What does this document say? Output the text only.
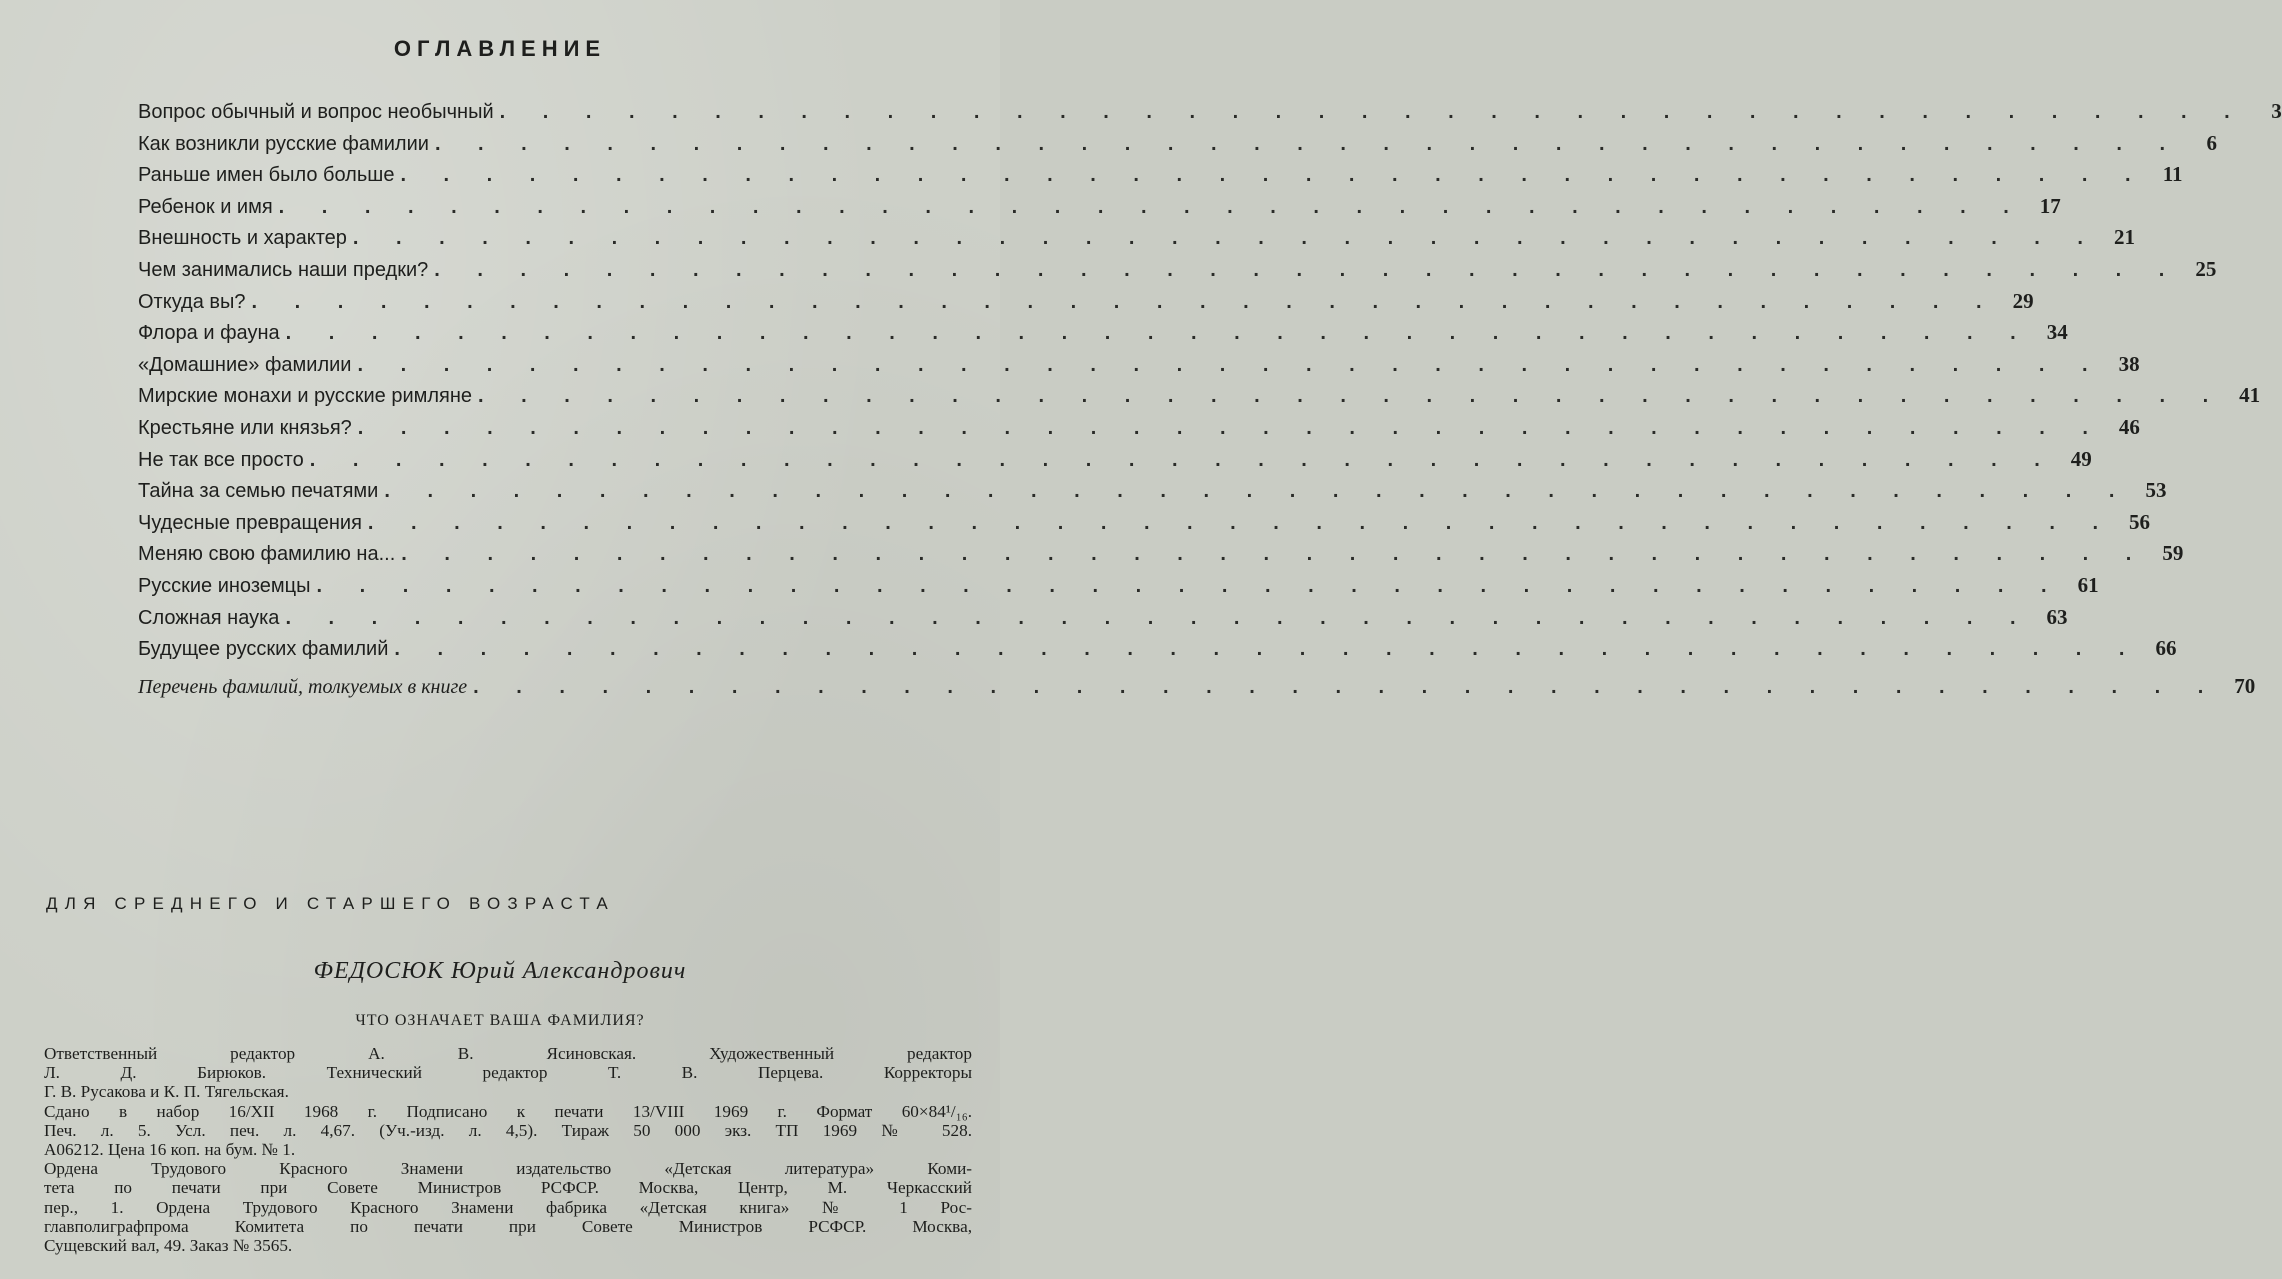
ОГЛАВЛЕНИЕ
Вопрос обычный и вопрос необычный . . . . . . . . . . . . . . . . . . . . . . . . . . . . . . . . . . . . . . . . .	3
Как возникли русские фамилии . . . . . . . . . . . . . . . . . . . . . . . . . . . . . . . . . . . . . . . . .	6
Раньше имен было больше . . . . . . . . . . . . . . . . . . . . . . . . . . . . . . . . . . . . . . . . . 11
Ребенок и имя . . . . . . . . . . . . . . . . . . . . . . . . . . . . . . . . . . . . . . . . . 17
Внешность и характер . . . . . . . . . . . . . . . . . . . . . . . . . . . . . . . . . . . . . . . . . 21
Чем занимались наши предки? . . . . . . . . . . . . . . . . . . . . . . . . . . . . . . . . . . . . . . . . . 25
Откуда вы? . . . . . . . . . . . . . . . . . . . . . . . . . . . . . . . . . . . . . . . . . 29
Флора и фауна . . . . . . . . . . . . . . . . . . . . . . . . . . . . . . . . . . . . . . . . . 34
«Домашние» фамилии . . . . . . . . . . . . . . . . . . . . . . . . . . . . . . . . . . . . . . . . . 38
Мирские монахи и русские римляне . . . . . . . . . . . . . . . . . . . . . . . . . . . . . . . . . . . . . . . . . 41
Крестьяне или князья? . . . . . . . . . . . . . . . . . . . . . . . . . . . . . . . . . . . . . . . . . 46
Не так все просто . . . . . . . . . . . . . . . . . . . . . . . . . . . . . . . . . . . . . . . . . 49
Тайна за семью печатями . . . . . . . . . . . . . . . . . . . . . . . . . . . . . . . . . . . . . . . . . 53
Чудесные превращения . . . . . . . . . . . . . . . . . . . . . . . . . . . . . . . . . . . . . . . . . 56
Меняю свою фамилию на... . . . . . . . . . . . . . . . . . . . . . . . . . . . . . . . . . . . . . . . . . 59
Русские иноземцы . . . . . . . . . . . . . . . . . . . . . . . . . . . . . . . . . . . . . . . . . 61
Сложная наука . . . . . . . . . . . . . . . . . . . . . . . . . . . . . . . . . . . . . . . . . 63
Будущее русских фамилий . . . . . . . . . . . . . . . . . . . . . . . . . . . . . . . . . . . . . . . . . 66
Перечень фамилий, толкуемых в книге . . . . . . . . . . . . . . . . . . . . . . . . . . . . . . . . . . . . . . . . . 70
ДЛЯ СРЕДНЕГО И СТАРШЕГО ВОЗРАСТА
ФЕДОСЮК Юрий Александрович
ЧТО ОЗНАЧАЕТ ВАША ФАМИЛИЯ?
Ответственный редактор А. В. Ясиновская. Художественный редактор
Л. Д. Бирюков. Технический редактор Т. В. Перцева. Корректоры
Г. В. Русакова и К. П. Тягельская.
Сдано в набор 16/XII 1968 г. Подписано к печати 13/VIII 1969 г. Формат 60×84¹/₁₆.
Печ. л. 5. Усл. печ. л. 4,67. (Уч.-изд. л. 4,5). Тираж 50 000 экз. ТП 1969 № 528.
А06212. Цена 16 коп. на бум. № 1.
Ордена Трудового Красного Знамени издательство «Детская литература» Коми-
тета по печати при Совете Министров РСФСР. Москва, Центр, М. Черкасский
пер., 1. Ордена Трудового Красного Знамени фабрика «Детская книга» № 1 Рос-
главполиграфпрома Комитета по печати при Совете Министров РСФСР. Москва,
Сущевский вал, 49. Заказ № 3565.
